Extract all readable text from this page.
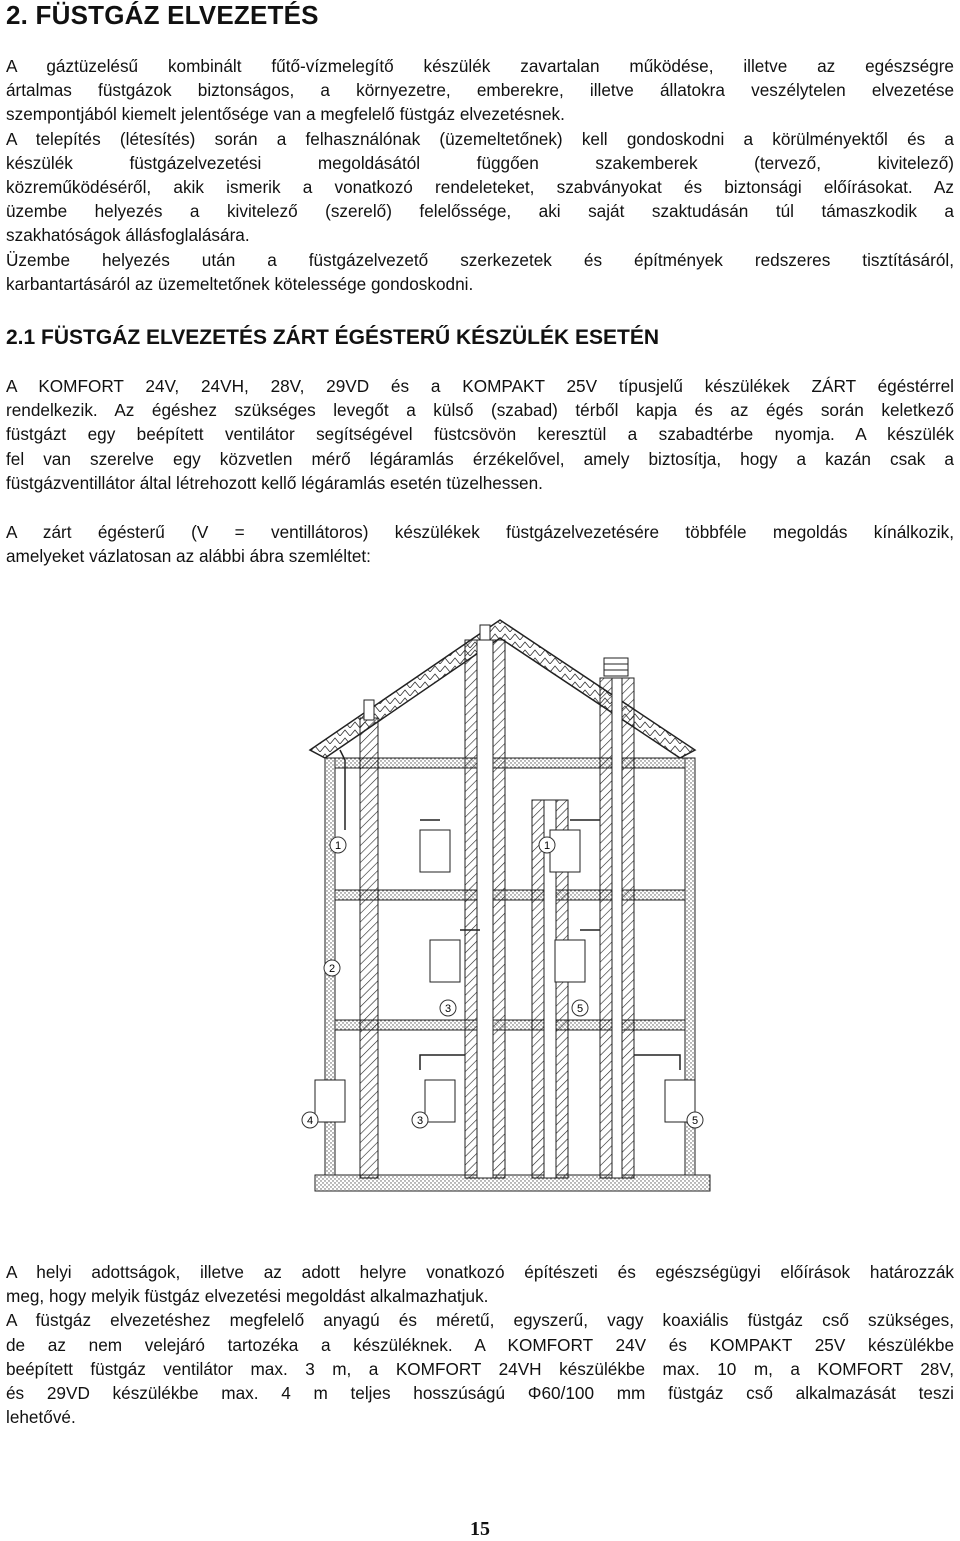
2. FÜSTGÁZ ELVEZETÉS
A gáztüzelésű kombinált fűtő-vízmelegítő készülék zavartalan működése, illetve az egészségre
ártalmas füstgázok biztonságos, a környezetre, emberekre, illetve állatokra veszélytelen elvezetése
szempontjából kiemelt jelentősége van a megfelelő füstgáz elvezetésnek.
A telepítés (létesítés) során a felhasználónak (üzemeltetőnek) kell gondoskodni a körülményektől és a
készülék füstgázelvezetési megoldásától függően szakemberek (tervező, kivitelező)
közreműködéséről, akik ismerik a vonatkozó rendeleteket, szabványokat és biztonsági előírásokat. Az
üzembe helyezés a kivitelező (szerelő) felelőssége, aki saját szaktudásán túl támaszkodik a
szakhatóságok állásfoglalására.
Üzembe helyezés után a füstgázelvezető szerkezetek és építmények redszeres tisztításáról,
karbantartásáról az üzemeltetőnek kötelessége gondoskodni.
2.1 FÜSTGÁZ ELVEZETÉS ZÁRT ÉGÉSTERŰ KÉSZÜLÉK ESETÉN
A KOMFORT 24V, 24VH, 28V, 29VD és a KOMPAKT 25V típusjelű készülékek ZÁRT égéstérrel
rendelkezik. Az égéshez szükséges levegőt a külső (szabad) térből kapja és az égés során keletkező
füstgázt egy beépített ventilátor segítségével füstcsövön keresztül a szabadtérbe nyomja. A készülék
fel van szerelve egy közvetlen mérő légáramlás érzékelővel, amely biztosítja, hogy a kazán csak a
füstgázventillátor által létrehozott kellő légáramlás esetén tüzelhessen.
A zárt égésterű (V = ventillátoros) készülékek füstgázelvezetésére többféle megoldás kínálkozik,
amelyeket vázlatosan az alábbi ábra szemléltet:
1	1
2
3	5
4	3	5
A helyi adottságok, illetve az adott helyre vonatkozó építészeti és egészségügyi előírások határozzák
meg, hogy melyik füstgáz elvezetési megoldást alkalmazhatjuk.
A füstgáz elvezetéshez megfelelő anyagú és méretű, egyszerű, vagy koaxiális füstgáz cső szükséges,
de az nem velejáró tartozéka a készüléknek. A KOMFORT 24V és KOMPAKT 25V készülékbe
beépített füstgáz ventilátor max. 3 m, a KOMFORT 24VH készülékbe max. 10 m, a KOMFORT 28V,
és 29VD készülékbe max. 4 m teljes hosszúságú Φ60/100 mm füstgáz cső alkalmazását teszi
lehetővé.
15
